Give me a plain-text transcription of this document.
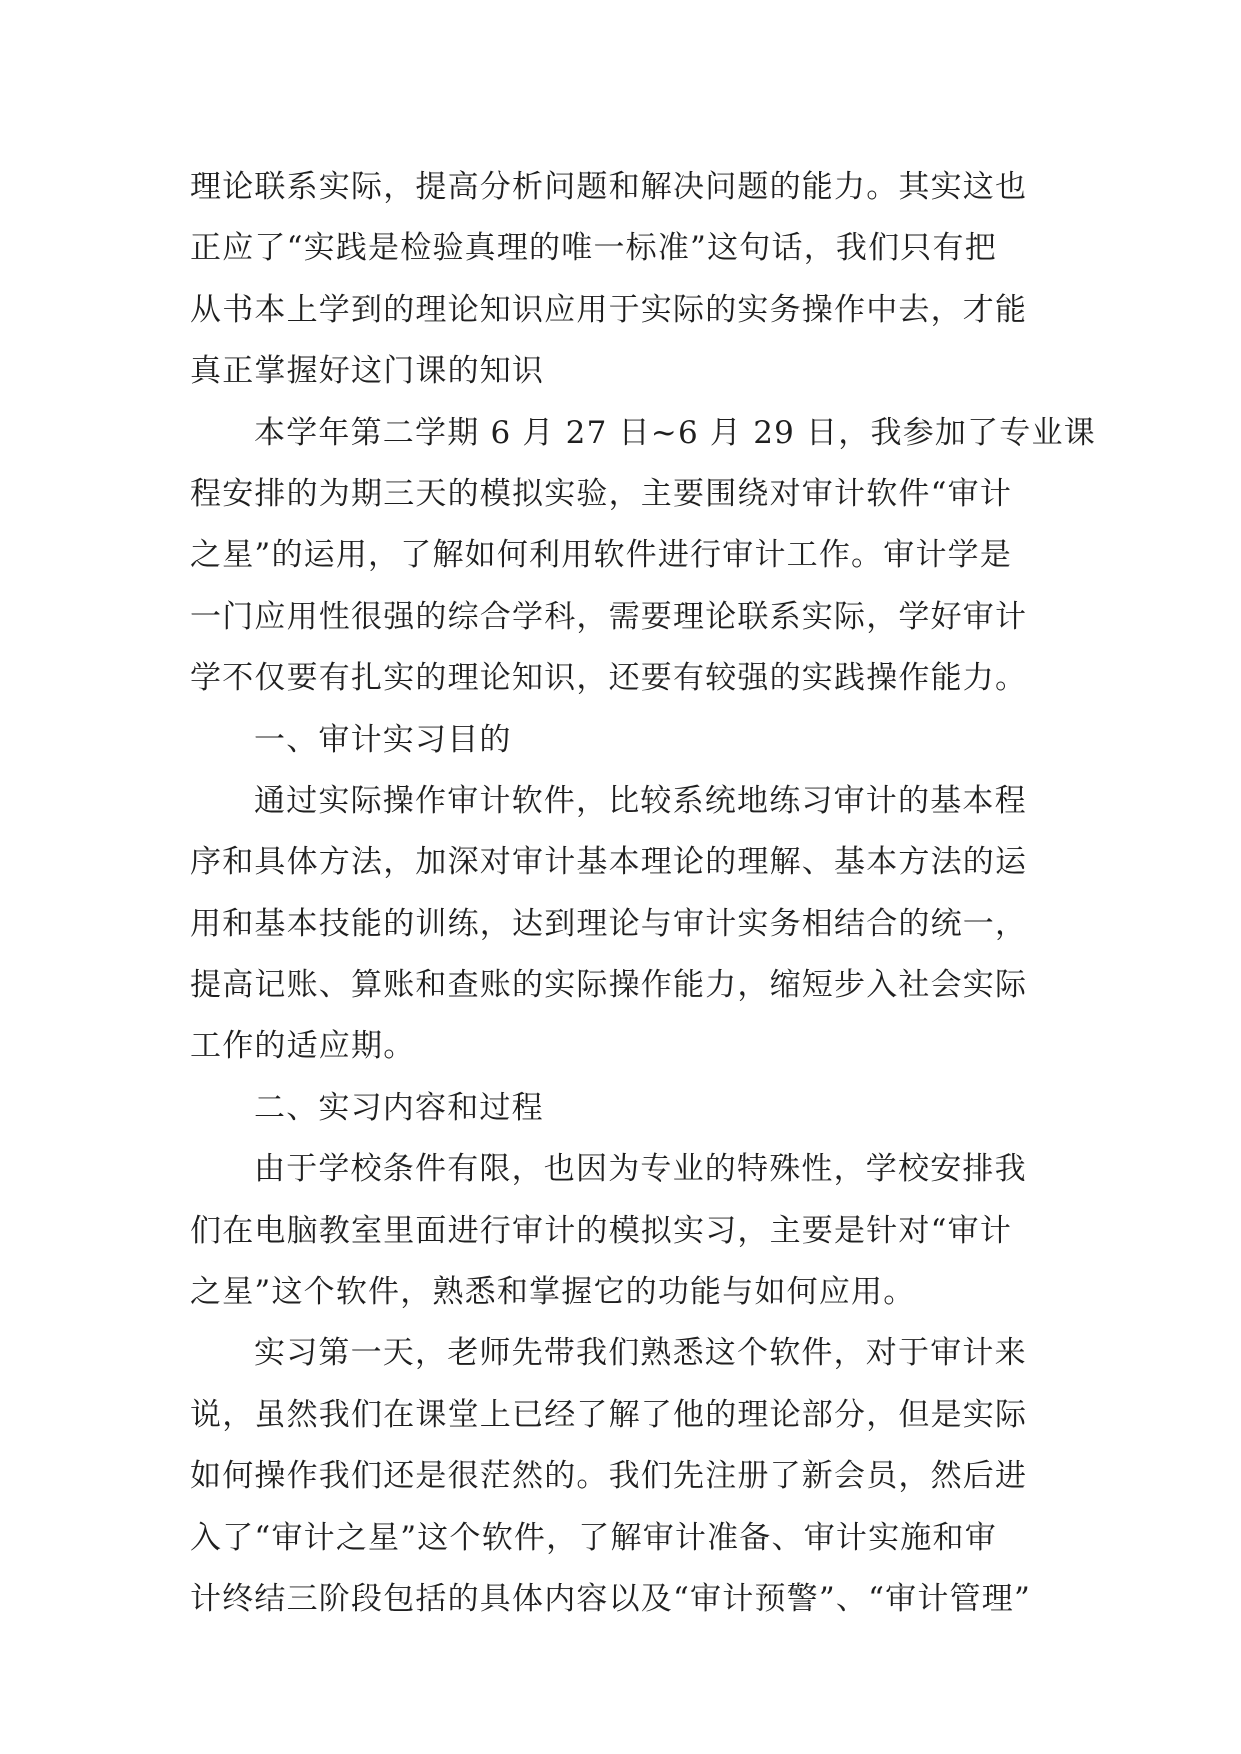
理论联系实际，提高分析问题和解决问题的能力。其实这也
正应了“实践是检验真理的唯一标准”这句话，我们只有把
从书本上学到的理论知识应用于实际的实务操作中去，才能
真正掌握好这门课的知识
本学年第二学期 6 月 27 日~6 月 29 日，我参加了专业课
程安排的为期三天的模拟实验，主要围绕对审计软件“审计
之星”的运用，了解如何利用软件进行审计工作。审计学是
一门应用性很强的综合学科，需要理论联系实际，学好审计
学不仅要有扎实的理论知识，还要有较强的实践操作能力。
一、审计实习目的
通过实际操作审计软件，比较系统地练习审计的基本程
序和具体方法，加深对审计基本理论的理解、基本方法的运
用和基本技能的训练，达到理论与审计实务相结合的统一，
提高记账、算账和查账的实际操作能力，缩短步入社会实际
工作的适应期。
二、实习内容和过程
由于学校条件有限，也因为专业的特殊性，学校安排我
们在电脑教室里面进行审计的模拟实习，主要是针对“审计
之星”这个软件，熟悉和掌握它的功能与如何应用。
实习第一天，老师先带我们熟悉这个软件，对于审计来
说，虽然我们在课堂上已经了解了他的理论部分，但是实际
如何操作我们还是很茫然的。我们先注册了新会员，然后进
入了“审计之星”这个软件，了解审计准备、审计实施和审
计终结三阶段包括的具体内容以及“审计预警”、“审计管理”
